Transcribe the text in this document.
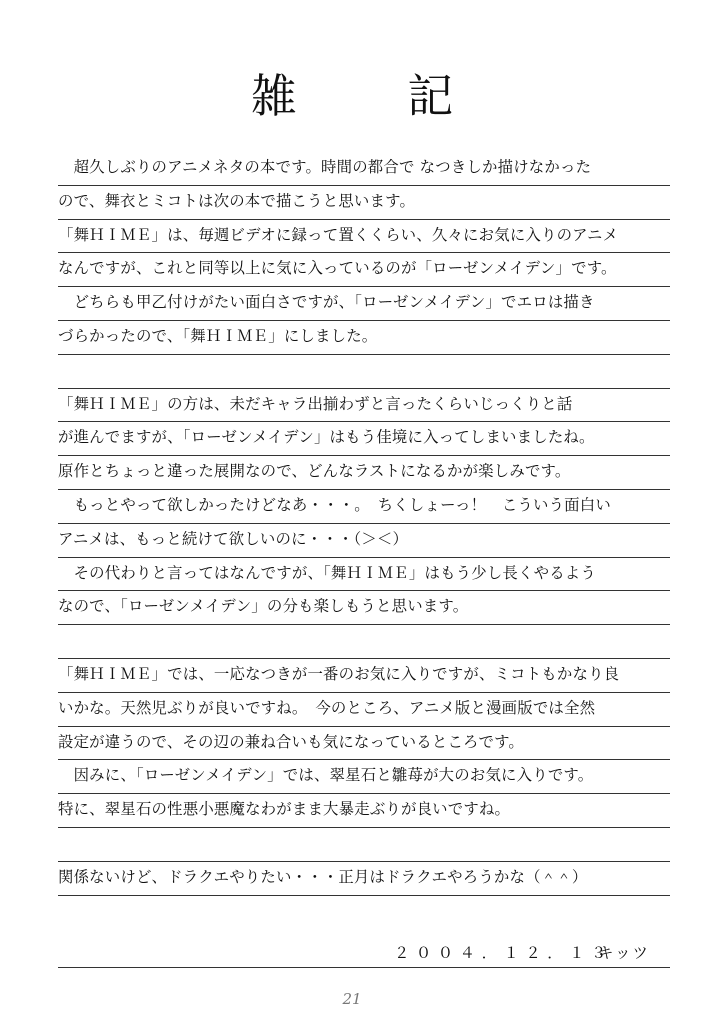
雑 記
　超久しぶりのアニメネタの本です。時間の都合で なつきしか描けなかった
ので、舞衣とミコトは次の本で描こうと思います。
「舞ＨＩＭＥ」は、毎週ビデオに録って置くくらい、久々にお気に入りのアニメ
なんですが、これと同等以上に気に入っているのが「ローゼンメイデン」です。
　どちらも甲乙付けがたい面白さですが、「ローゼンメイデン」でエロは描き
づらかったので、「舞ＨＩＭＥ」にしました。
「舞ＨＩＭＥ」の方は、未だキャラ出揃わずと言ったくらいじっくりと話
が進んでますが、「ローゼンメイデン」はもう佳境に入ってしまいましたね。
原作とちょっと違った展開なので、どんなラストになるかが楽しみです。
　もっとやって欲しかったけどなあ・・・。　ちくしょーっ！　こういう面白い
アニメは、もっと続けて欲しいのに・・・（＞＜）
　その代わりと言ってはなんですが、「舞ＨＩＭＥ」はもう少し長くやるよう
なので、「ローゼンメイデン」の分も楽しもうと思います。
「舞ＨＩＭＥ」では、一応なつきが一番のお気に入りですが、ミコトもかなり良
いかな。天然児ぶりが良いですね。　今のところ、アニメ版と漫画版では全然
設定が違うので、その辺の兼ね合いも気になっているところです。
　因みに、「ローゼンメイデン」では、翠星石と雛苺が大のお気に入りです。
特に、翠星石の性悪小悪魔なわがまま大暴走ぶりが良いですね。
関係ないけど、ドラクエやりたい・・・正月はドラクエやろうかな（＾＾）
２００４．１２．１３
キッツ
21
